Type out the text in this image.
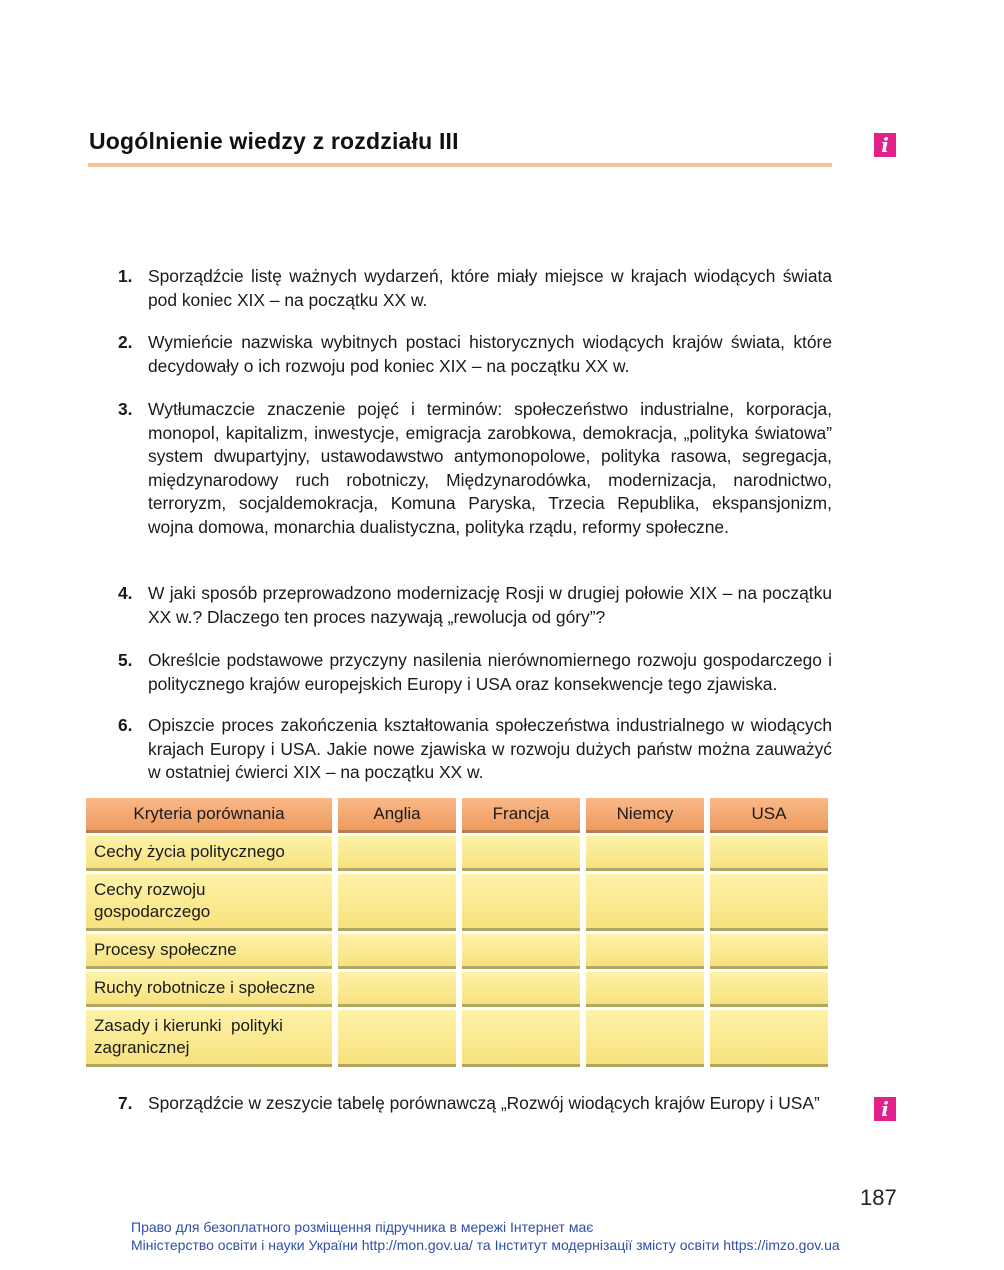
Uogólnienie wiedzy z rozdziału III	i
1. Sporządźcie listę ważnych wydarzeń, które miały miejsce w krajach wiodących świata pod koniec XIX – na początku XX w.
2. Wymieńcie nazwiska wybitnych postaci historycznych wiodących krajów świata, które decydowały o ich rozwoju pod koniec XIX – na początku XX w.
3. Wytłumaczcie znaczenie pojęć i terminów: społeczeństwo industrialne, korporacja, monopol, kapitalizm, inwestycje, emigracja zarobkowa, demokracja, „polityka światowa” system dwupartyjny, ustawodawstwo antymonopolowe, polityka rasowa, segregacja, międzynarodowy ruch robotniczy, Międzynarodówka, modernizacja, narodnictwo, terroryzm, socjaldemokracja, Komuna Paryska, Trzecia Republika, ekspansjonizm, wojna domowa, monarchia dualistyczna, polityka rządu, reformy społeczne.
4. W jaki sposób przeprowadzono modernizację Rosji w drugiej połowie XIX – na początku XX w.? Dlaczego ten proces nazywają „rewolucja od góry”?
5. Określcie podstawowe przyczyny nasilenia nierównomiernego rozwoju gospodarczego i politycznego krajów europejskich Europy i USA oraz konsekwencje tego zjawiska.
6. Opiszcie proces zakończenia kształtowania społeczeństwa industrialnego w wiodących krajach Europy i USA. Jakie nowe zjawiska w rozwoju dużych państw można zauważyć w ostatniej ćwierci XIX – na początku XX w.
Kryteria porównania	Anglia	Francja	Niemcy	USA
Cechy życia politycznego				
Cechy rozwoju gospodarczego				
Procesy społeczne				
Ruchy robotnicze i społeczne				
Zasady i kierunki  polityki zagranicznej				
7. Sporządźcie w zeszycie tabelę porównawczą „Rozwój wiodących krajów Europy i USA”	i
187
Право для безоплатного розміщення підручника в мережі Інтернет має
Міністерство освіти і науки України http://mon.gov.ua/ та Інститут модернізації змісту освіти https://imzo.gov.ua
